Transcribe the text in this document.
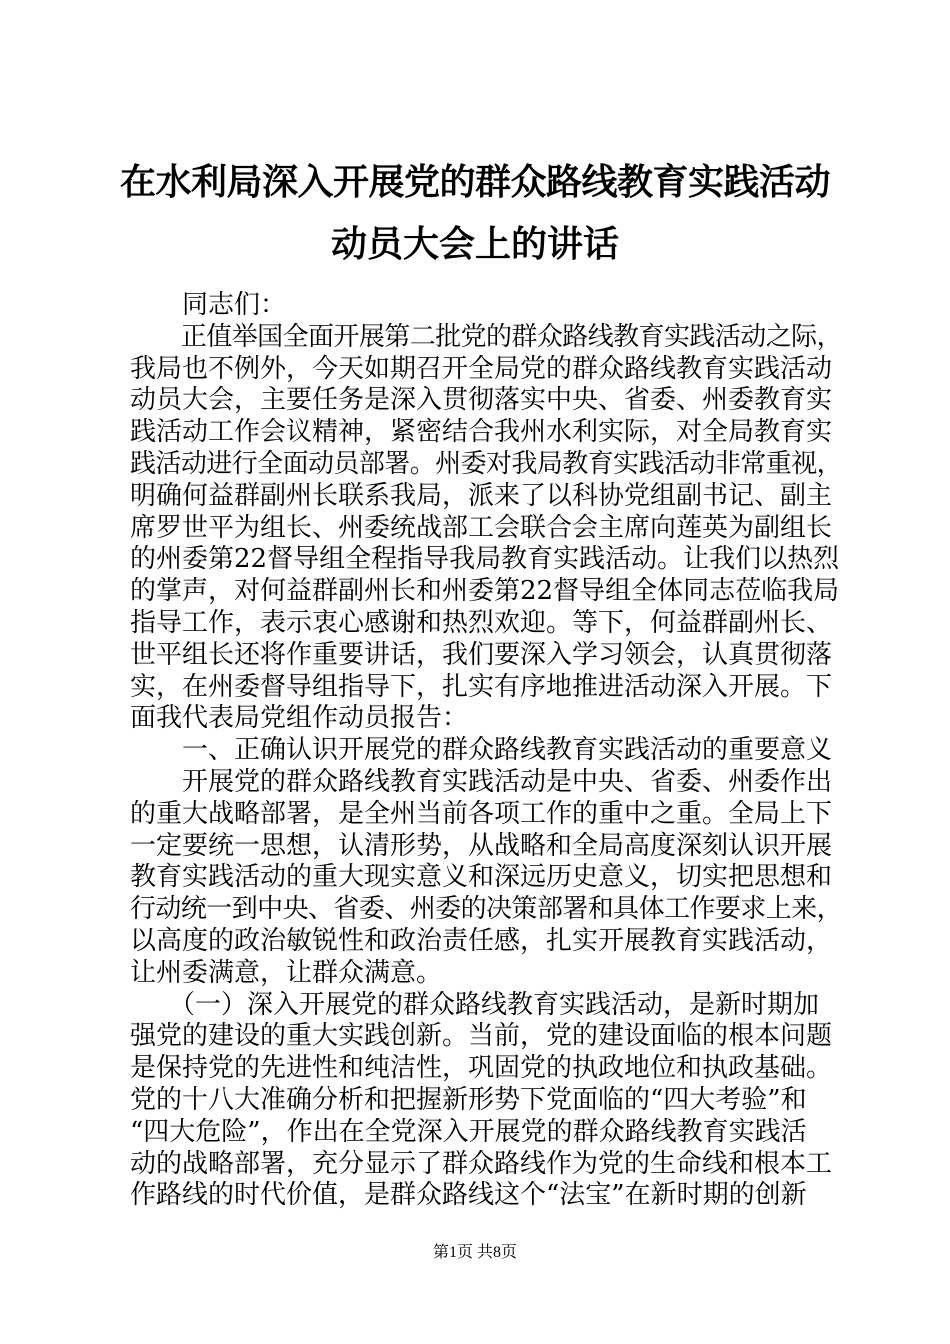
在水利局深入开展党的群众路线教育实践活动
动员大会上的讲话
　　同志们：
　　正值举国全面开展第二批党的群众路线教育实践活动之际，
我局也不例外，今天如期召开全局党的群众路线教育实践活动
动员大会，主要任务是深入贯彻落实中央、省委、州委教育实
践活动工作会议精神，紧密结合我州水利实际，对全局教育实
践活动进行全面动员部署。州委对我局教育实践活动非常重视，
明确何益群副州长联系我局，派来了以科协党组副书记、副主
席罗世平为组长、州委统战部工会联合会主席向莲英为副组长
的州委第22督导组全程指导我局教育实践活动。让我们以热烈
的掌声，对何益群副州长和州委第22督导组全体同志莅临我局
指导工作，表示衷心感谢和热烈欢迎。等下，何益群副州长、
世平组长还将作重要讲话，我们要深入学习领会，认真贯彻落
实，在州委督导组指导下，扎实有序地推进活动深入开展。下
面我代表局党组作动员报告：
　　一、正确认识开展党的群众路线教育实践活动的重要意义
　　开展党的群众路线教育实践活动是中央、省委、州委作出
的重大战略部署，是全州当前各项工作的重中之重。全局上下
一定要统一思想，认清形势，从战略和全局高度深刻认识开展
教育实践活动的重大现实意义和深远历史意义，切实把思想和
行动统一到中央、省委、州委的决策部署和具体工作要求上来，
以高度的政治敏锐性和政治责任感，扎实开展教育实践活动，
让州委满意，让群众满意。
　　（一）深入开展党的群众路线教育实践活动，是新时期加
强党的建设的重大实践创新。当前，党的建设面临的根本问题
是保持党的先进性和纯洁性，巩固党的执政地位和执政基础。
党的十八大准确分析和把握新形势下党面临的“四大考验”和
“四大危险”，作出在全党深入开展党的群众路线教育实践活
动的战略部署，充分显示了群众路线作为党的生命线和根本工
作路线的时代价值，是群众路线这个“法宝”在新时期的创新
第1页 共8页
